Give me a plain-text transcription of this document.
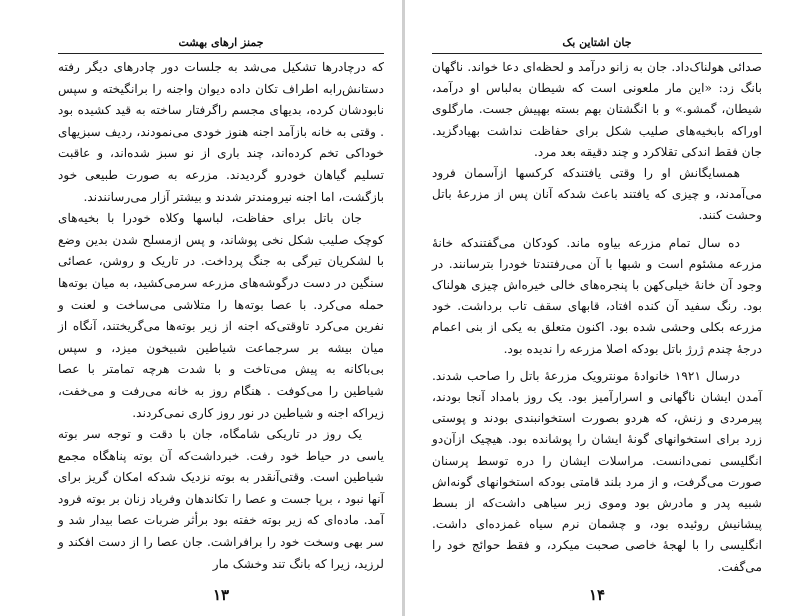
جمنز ارهای بهشت

که درچادرها تشکیل می‌شد به جلسات دور چادرهای دیگر رفته دستانش‌رابه اطراف تکان داده دیوان واجنه را برانگیخته و سپس نابودشان کرده، بدیهای مجسم راگرفتار ساخته به قید کشیده بود . وقتی به خانه بازآمد اجنه هنوز خودی می‌نمودند، ردیف سبزیهای خوداکی تخم کرده‌اند، چند باری از نو سبز شده‌اند، و عاقبت تسلیم گیاهان خودرو گردیدند. مزرعه به صورت طبیعی خود بازگشت، اما اجنه نیرومندتر شدند و بیشتر آزار می‌رسانندند.

جان باتل برای حفاظت، لباسها وکلاه خودرا با بخیه‌های کوچک صلیب شکل نخی پوشاند، و پس ازمسلح شدن بدین وضع با لشکریان تیرگی به جنگ پرداخت. در تاریک و روشن، عصائی سنگین در دست درگوشه‌های مزرعه سرمی‌کشید، به میان بوته‌ها حمله می‌کرد. با عصا بوته‌ها را متلاشی می‌ساخت و لعنت و نفرین می‌کرد تاوقتی‌که اجنه از زیر بوته‌ها می‌گریختند، آنگاه از میان بیشه بر سرجماعت شیاطین شبیخون میزد، و سپس بی‌باکانه به پیش می‌تاخت و با شدت هرچه تمامتر با عصا شیاطین را می‌کوفت . هنگام روز به خانه می‌رفت و می‌خفت، زیراکه اجنه و شیاطین در نور روز کاری نمی‌کردند.

یک روز در تاریکی شامگاه، جان با دقت و توجه سر بوته یاسی در حیاط خود رفت. خبرداشت‌که آن بوته پناهگاه مجمع شیاطین است. وقتی‌آنقدر به بوته نزدیک شدکه امکان گریز برای آنها نبود ، برپا جست و عصا را تکاندهان وفریاد زنان بر بوته فرود آمد. ماده‌ای که زیر بوته خفته بود برأثر ضربات عصا بیدار شد و سر بهی وسخت خود را برافراشت. جان عصا را از دست افکند و لرزید، زیرا که بانگ تند وخشک مار

۱۳
جان اشتاین بک

صدائی هولناک‌داد. جان به زانو درآمد و لحظه‌ای دعا خواند. ناگهان بانگ زد: «این مار ملعونی است که شیطان به‌لباس او درآمد، شیطان، گمشو.» و با انگشتان بهم بسته بهپیش جست. مارگلوی اوراکه بابخیه‌های صلیب شکل برای حفاظت نداشت بهیادگزید. جان فقط اندکی تقلاکرد و چند دقیقه بعد مرد.

همسایگانش او را وقتی یافتند‌که کرکسها ازآسمان فرود می‌آمدند، و چیزی که یافتند باعث شد‌که آنان پس از مزرعهٔ باتل وحشت کنند.

ده سال تمام مزرعه بیاوه ماند. کودکان می‌گفتندکه خانهٔ مزرعه مشئوم است و شبها با آن می‌رفتندتا خودرا بترسانند. در وجود آن خانهٔ خیلی‌کهن با پنجره‌های خالی خیره‌اش چیزی هولناک بود. رنگ سفید آن کنده افتاد، قابهای سقف تاب برداشت. خود مزرعه بکلی وحشی شده بود. اکنون متعلق به یکی از بنی اعمام درجهٔ چندم ژرژ باتل بودکه اصلا مزرعه را ندیده بود.

درسال ۱۹۲۱ خانوادهٔ مونترویک مزرعهٔ باتل را صاحب شدند. آمدن ایشان ناگهانی و اسرارآمیز بود. یک روز بامداد آنجا بودند، پیرمردی و زنش، که هردو بصورت استخوانبندی بودند و پوستی زرد برای استخوانهای گونهٔ ایشان را پوشانده بود. هیچیک ازآن‌دو انگلیسی نمی‌دانست. مراسلات ایشان را دره توسط پرسنان صورت می‌گرفت، و از مرد بلند قامتی بودکه استخوانهای گونه‌اش شبیه پدر و مادرش بود وموی زبر سیاهی داشت‌که از بسط پیشانیش روئیده بود، و چشمان نرم سیاه غمزده‌ای داشت. انگلیسی را با لهجهٔ خاصی صحبت میکرد، و فقط حوائج خود را می‌گفت.

۱۴
